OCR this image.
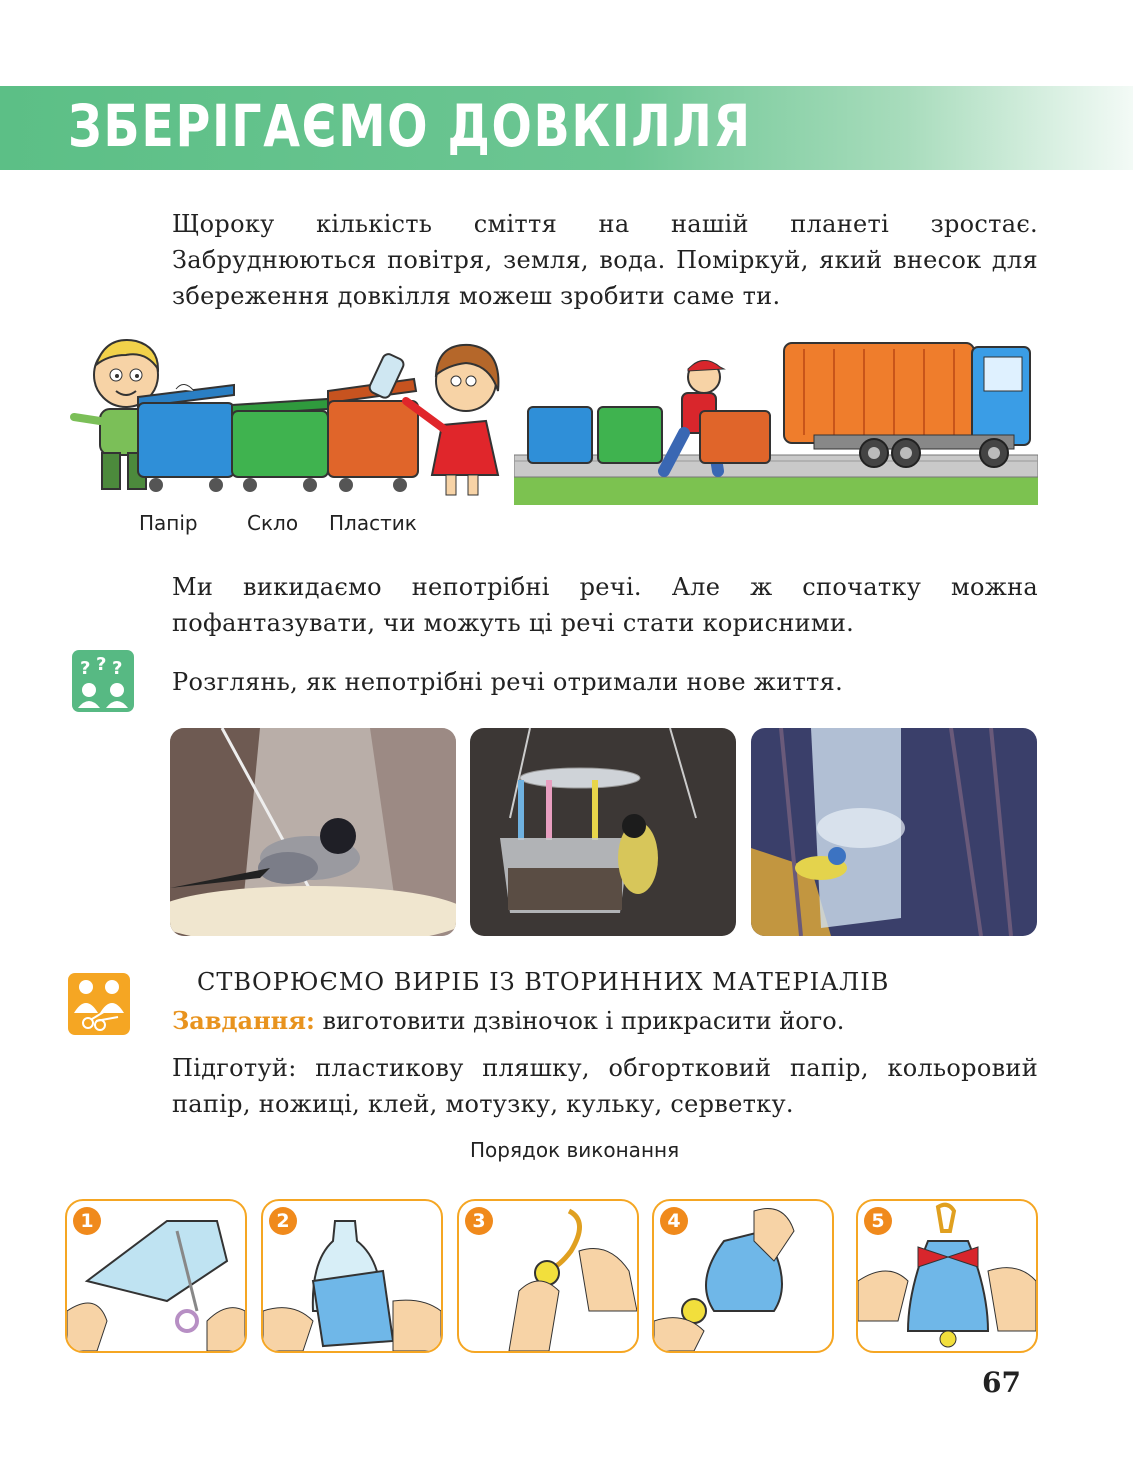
ЗБЕРІГАЄМО ДОВКІЛЛЯ
Щороку кількість сміття на нашій планеті зростає. Забруднюються повітря, земля, вода. Поміркуй, який внесок для збереження довкілля можеш зробити саме ти.
Папір Скло Пластик
Ми викидаємо непотрібні речі. Але ж спочатку можна пофантазувати, чи можуть ці речі стати корисними.
? ? ? Розглянь, як непотрібні речі отримали нове життя.
СТВОРЮЄМО ВИРІБ ІЗ ВТОРИННИХ МАТЕРІАЛІВ
Завдання: виготовити дзвіночок і прикрасити його.
Підготуй: пластикову пляшку, обгортковий папір, кольоровий папір, ножиці, клей, мотузку, кульку, серветку.
Порядок виконання
1	2	3	4	5
67
